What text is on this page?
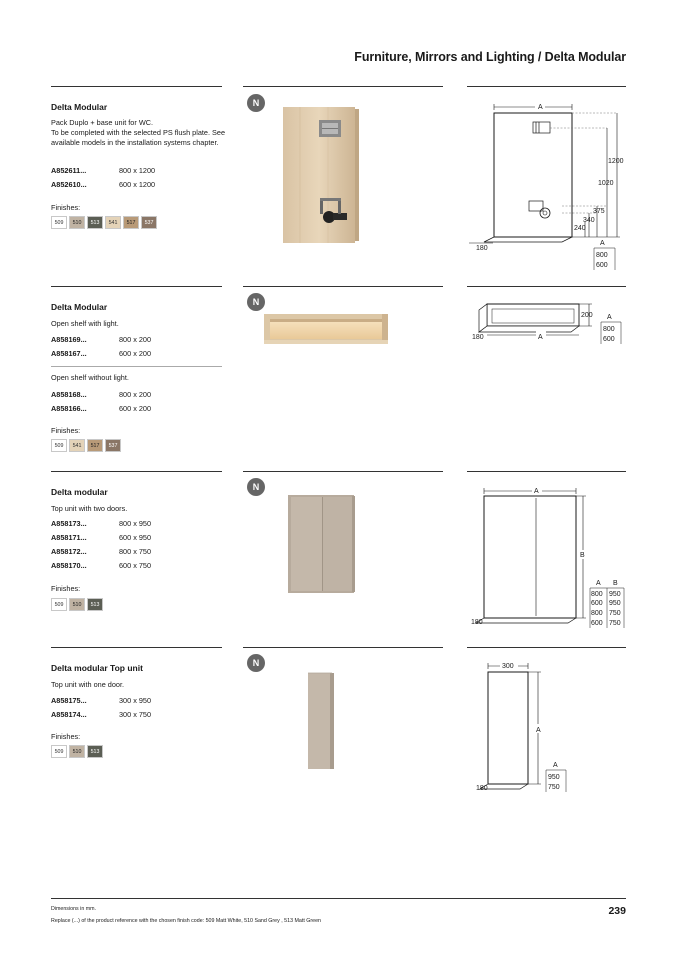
Furniture, Mirrors and Lighting / Delta Modular
Delta Modular
Pack Duplo + base unit for WC.
To be completed with the selected PS flush plate. See available models in the installation systems chapter.
A852611...	800 x 1200
A852610...	600 x 1200
Finishes:
509	510	513	541	517	537
N	A
1200
1020
375
340
240
180
A
800
600
Delta Modular
Open shelf with light.
A858169...	800 x 200
A858167...	600 x 200
Open shelf without light.
A858168...	800 x 200
A858166...	600 x 200
Finishes:
509	541	517	537
N
200
A
180
A
800
600
Delta modular
Top unit with two doors.
A858173...	800 x 950
A858171...	600 x 950
A858172...	800 x 750
A858170...	600 x 750
Finishes:
509	510	513
N	A
B
180
A B
800 950
600 950
800 750
600 750
Delta modular Top unit
Top unit with one door.
A858175...	300 x 950
A858174...	300 x 750
Finishes:
509	510	513
N	300
A
180
A
950
750
Dimensions in mm.
Replace (...) of the product reference with the chosen finish code: 509 Matt White, 510 Sand Grey , 513 Matt Green
239
